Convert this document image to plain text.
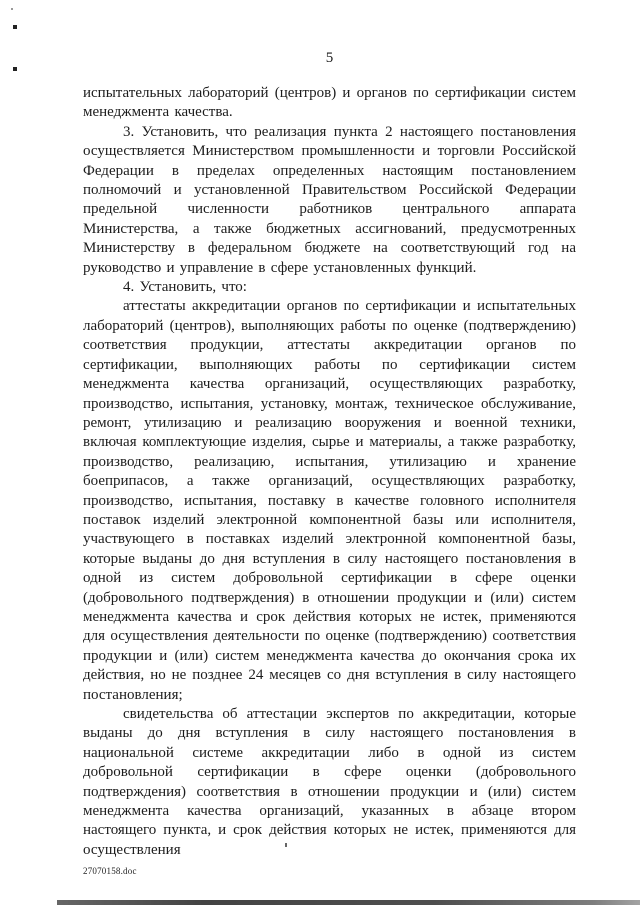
5

испытательных лабораторий (центров) и органов по сертификации систем менеджмента качества.

3. Установить, что реализация пункта 2 настоящего постановления осуществляется Министерством промышленности и торговли Российской Федерации в пределах определенных настоящим постановлением полномочий и установленной Правительством Российской Федерации предельной численности работников центрального аппарата Министерства, а также бюджетных ассигнований, предусмотренных Министерству в федеральном бюджете на соответствующий год на руководство и управление в сфере установленных функций.

4. Установить, что:

аттестаты аккредитации органов по сертификации и испытательных лабораторий (центров), выполняющих работы по оценке (подтверждению) соответствия продукции, аттестаты аккредитации органов по сертификации, выполняющих работы по сертификации систем менеджмента качества организаций, осуществляющих разработку, производство, испытания, установку, монтаж, техническое обслуживание, ремонт, утилизацию и реализацию вооружения и военной техники, включая комплектующие изделия, сырье и материалы, а также разработку, производство, реализацию, испытания, утилизацию и хранение боеприпасов, а также организаций, осуществляющих разработку, производство, испытания, поставку в качестве головного исполнителя поставок изделий электронной компонентной базы или исполнителя, участвующего в поставках изделий электронной компонентной базы, которые выданы до дня вступления в силу настоящего постановления в одной из систем добровольной сертификации в сфере оценки (добровольного подтверждения) в отношении продукции и (или) систем менеджмента качества и срок действия которых не истек, применяются для осуществления деятельности по оценке (подтверждению) соответствия продукции и (или) систем менеджмента качества до окончания срока их действия, но не позднее 24 месяцев со дня вступления в силу настоящего постановления;

свидетельства об аттестации экспертов по аккредитации, которые выданы до дня вступления в силу настоящего постановления в национальной системе аккредитации либо в одной из систем добровольной сертификации в сфере оценки (добровольного подтверждения) соответствия в отношении продукции и (или) систем менеджмента качества организаций, указанных в абзаце втором настоящего пункта, и срок действия которых не истек, применяются для осуществления

27070158.doc
